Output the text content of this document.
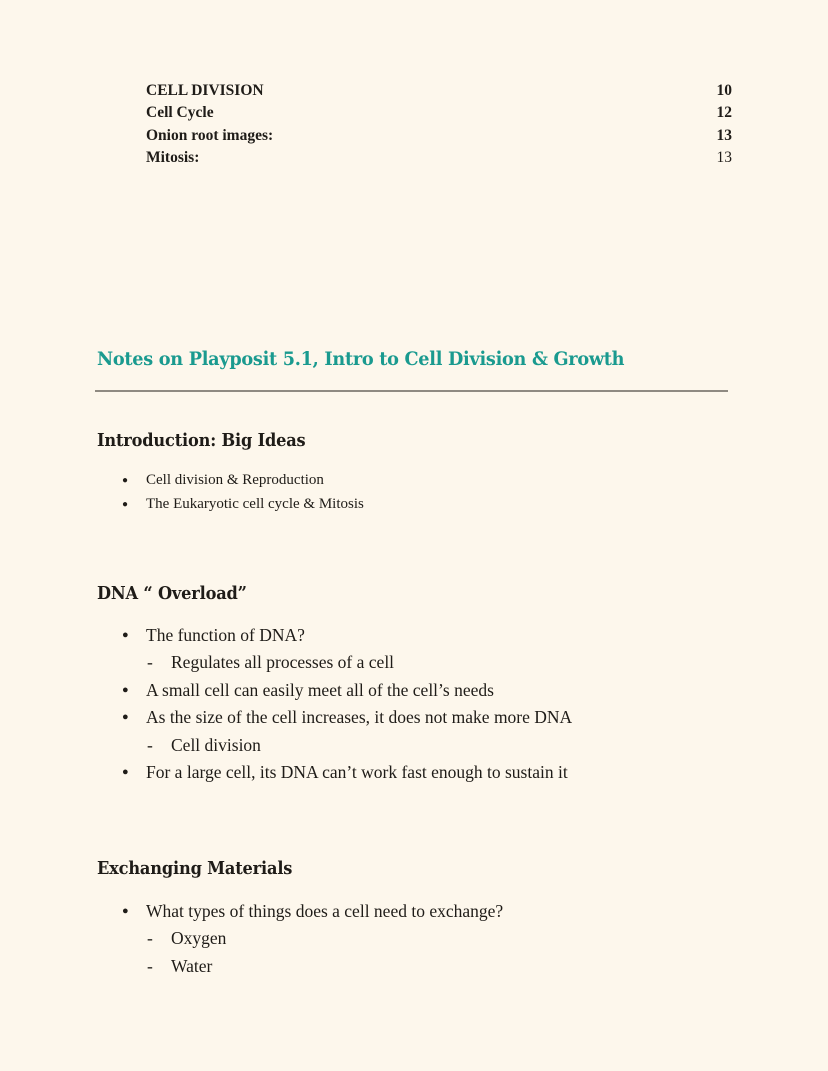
CELL DIVISION	10
Cell Cycle	12
Onion root images:	13
Mitosis:	13
Notes on Playposit 5.1, Intro to Cell Division & Growth
Introduction: Big Ideas
● Cell division & Reproduction
● The Eukaryotic cell cycle & Mitosis
DNA “ Overload”
● The function of DNA?
- Regulates all processes of a cell
● A small cell can easily meet all of the cell’s needs
● As the size of the cell increases, it does not make more DNA
- Cell division
● For a large cell, its DNA can’t work fast enough to sustain it
Exchanging Materials
● What types of things does a cell need to exchange?
- Oxygen
- Water
